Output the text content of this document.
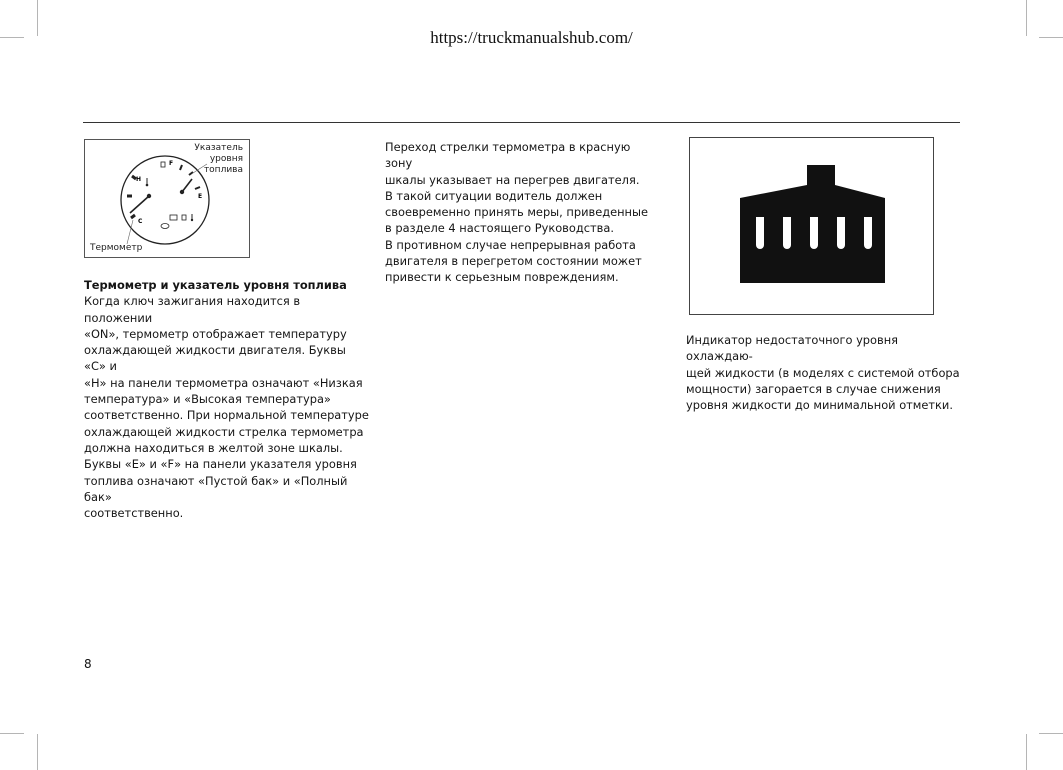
https://truckmanualshub.com/
F
E
H
C
Указатель уровня топлива
Термометр
Термометр и указатель уровня топлива

Когда ключ зажигания находится в положении

«ON», термометр отображает температуру

охлаждающей жидкости двигателя. Буквы «С» и

«Н» на панели термометра означают «Низкая

температура» и «Высокая температура»

соответственно. При нормальной температуре

охлаждающей жидкости стрелка термометра

должна находиться в желтой зоне шкалы.

Буквы «Е» и «F» на панели указателя уровня

топлива означают «Пустой бак» и «Полный бак»

соответственно.

Переход стрелки термометра в красную зону

шкалы указывает на перегрев двигателя.

В такой ситуации водитель должен

своевременно принять меры, приведенные

в разделе 4 настоящего Руководства.

В противном случае непрерывная работа

двигателя в перегретом состоянии может

привести к серьезным повреждениям.

Индикатор недостаточного уровня охлаждаю-

щей жидкости (в моделях с системой отбора

мощности) загорается в случае снижения

уровня жидкости до минимальной отметки.

8
